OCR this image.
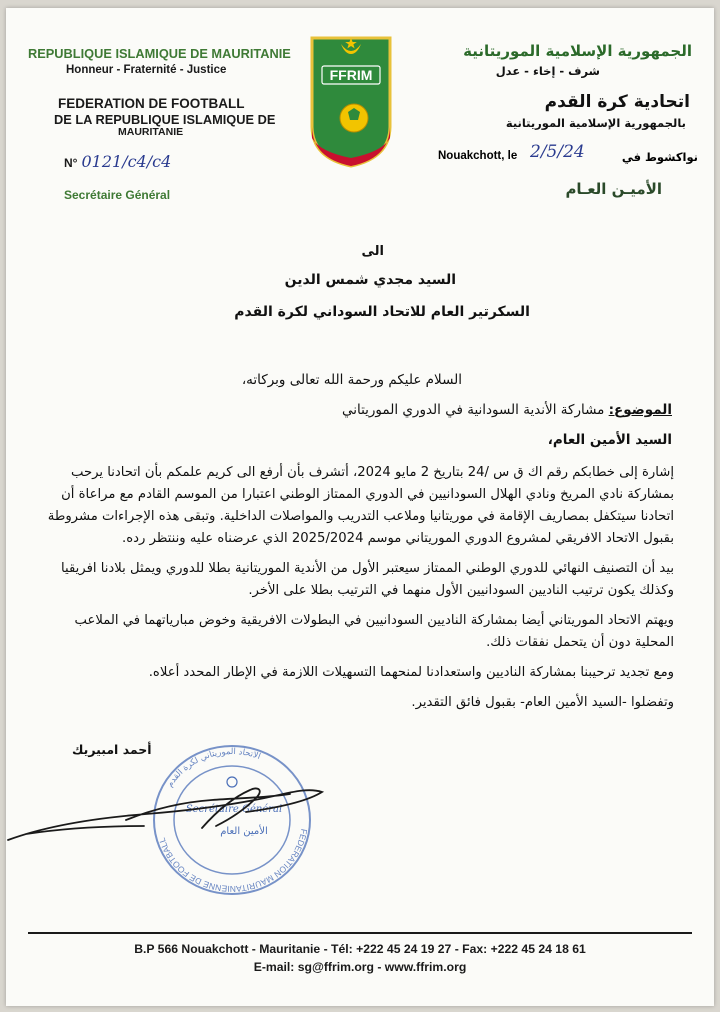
REPUBLIQUE ISLAMIQUE DE MAURITANIE
Honneur - Fraternité - Justice
FEDERATION DE FOOTBALL
DE LA REPUBLIQUE ISLAMIQUE DE
MAURITANIE
N° 0121/c4/c4
Secrétaire Général
FFRIM
الجمهورية الإسلامية الموريتانية
شرف - إخاء - عدل
اتحادية كرة القدم
بالجمهورية الإسلامية الموريتانية
Nouakchott, le 2/5/24	نواكشوط في
الأميـن العـام
الى
السيد مجدي شمس الدين
السكرتير العام للاتحاد السوداني لكرة القدم
السلام عليكم ورحمة الله تعالى وبركاته،
الموضوع: مشاركة الأندية السودانية في الدوري الموريتاني
السيد الأمين العام،

إشارة إلى خطابكم رقم اك ق س /24 بتاريخ 2 مايو 2024، أتشرف بأن أرفع الى كريم علمكم بأن اتحادنا يرحب بمشاركة نادي المريخ ونادي الهلال السودانيين في الدوري الممتاز الوطني اعتبارا من الموسم القادم مع مراعاة أن اتحادنا سيتكفل بمصاريف الإقامة في موريتانيا وملاعب التدريب والمواصلات الداخلية. وتبقى هذه الإجراءات مشروطة بقبول الاتحاد الافريقي لمشروع الدوري الموريتاني موسم 2025/2024 الذي عرضناه عليه وننتظر رده.

بيد أن التصنيف النهائي للدوري الوطني الممتاز سيعتبر الأول من الأندية الموريتانية بطلا للدوري ويمثل بلادنا افريقيا وكذلك يكون ترتيب الناديين السودانيين الأول منهما في الترتيب بطلا على الأخر.

ويهتم الاتحاد الموريتاني أيضا بمشاركة الناديين السودانيين في البطولات الافريقية وخوض مبارياتهما في الملاعب المحلية دون أن يتحمل نفقات ذلك.

ومع تجديد ترحيبنا بمشاركة الناديين واستعدادنا لمنحهما التسهيلات اللازمة في الإطار المحدد أعلاه.

وتفضلوا -السيد الأمين العام- بقبول فائق التقدير.

أحمد امبيريك
FEDERATION MAURITANIENNE DE FOOTBALL
الاتحاد الموريتاني لكرة القدم
Secrétaire Général
الأمين العام
B.P 566 Nouakchott - Mauritanie - Tél: +222 45 24 19 27 - Fax: +222 45 24 18 61
E-mail: sg@ffrim.org - www.ffrim.org
